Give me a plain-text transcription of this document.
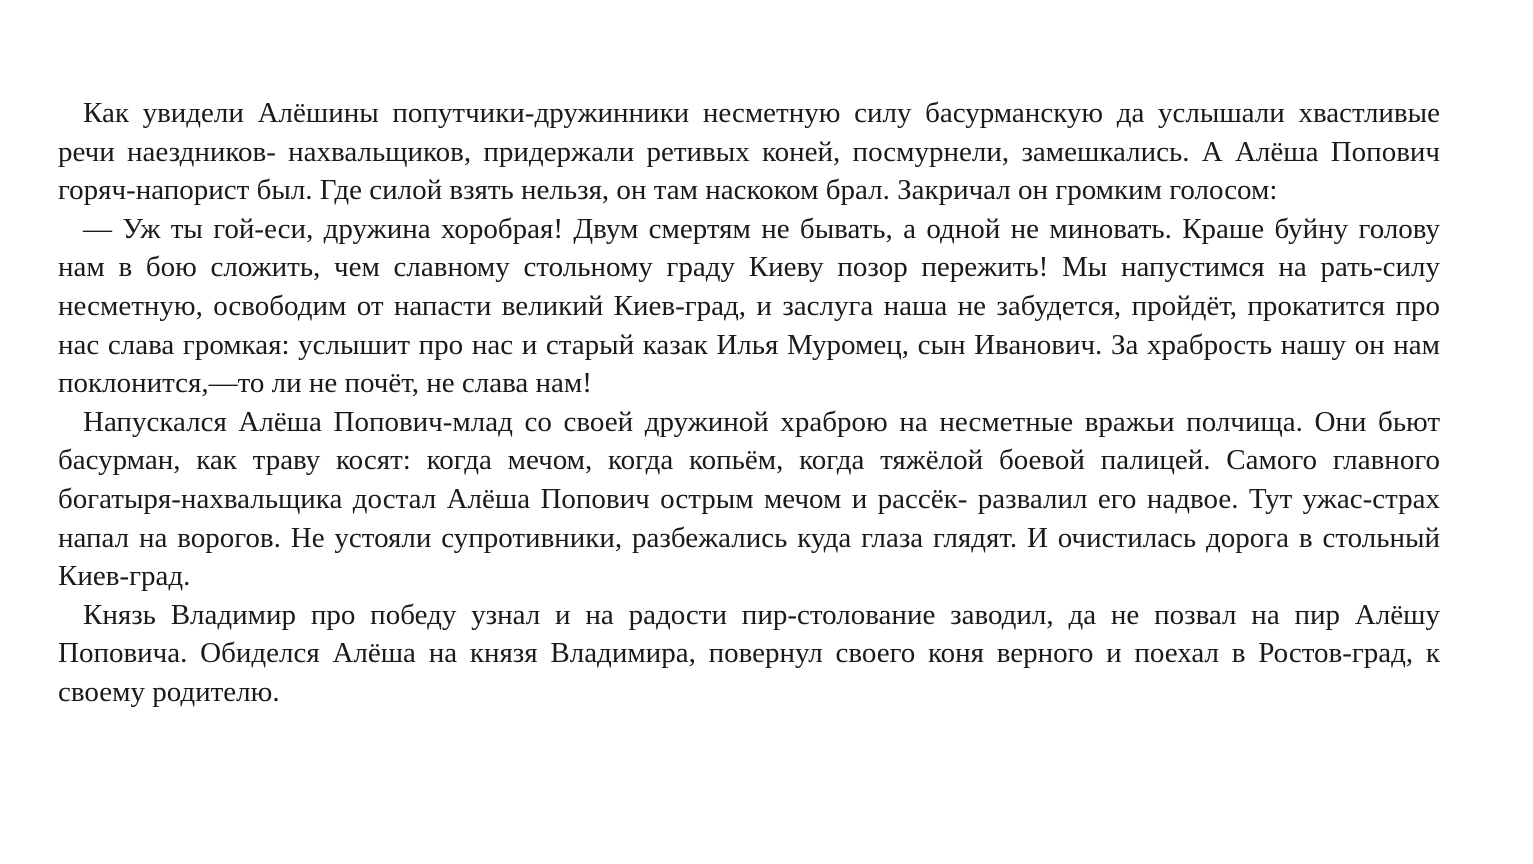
Как увидели Алёшины попутчики-дружинники несметную силу басурманскую да услышали хвастливые речи наездников- нахвальщиков, придержали ретивых коней, посмурнели, замешкались. А Алёша Попович горяч-напорист был. Где силой взять нельзя, он там наскоком брал. Закричал он громким голосом:

— Уж ты гой-еси, дружина хоробрая! Двум смертям не бывать, а одной не миновать. Краше буйну голову нам в бою сложить, чем славному стольному граду Киеву позор пережить! Мы напустимся на рать-силу несметную, освободим от напасти великий Киев-град, и заслуга наша не забудется, пройдёт, прокатится про нас слава громкая: услышит про нас и старый казак Илья Муромец, сын Иванович. За храбрость нашу он нам поклонится,—то ли не почёт, не слава нам!

Напускался Алёша Попович-млад со своей дружиной храброю на несметные вражьи полчища. Они бьют басурман, как траву косят: когда мечом, когда копьём, когда тяжёлой боевой палицей. Самого главного богатыря-нахвальщика достал Алёша Попович острым мечом и рассёк- развалил его надвое. Тут ужас-страх напал на ворогов. Не устояли супротивники, разбежались куда глаза глядят. И очистилась дорога в стольный Киев-град.

Князь Владимир про победу узнал и на радости пир-столование заводил, да не позвал на пир Алёшу Поповича. Обиделся Алёша на князя Владимира, повернул своего коня верного и поехал в Ростов-град, к своему родителю.
